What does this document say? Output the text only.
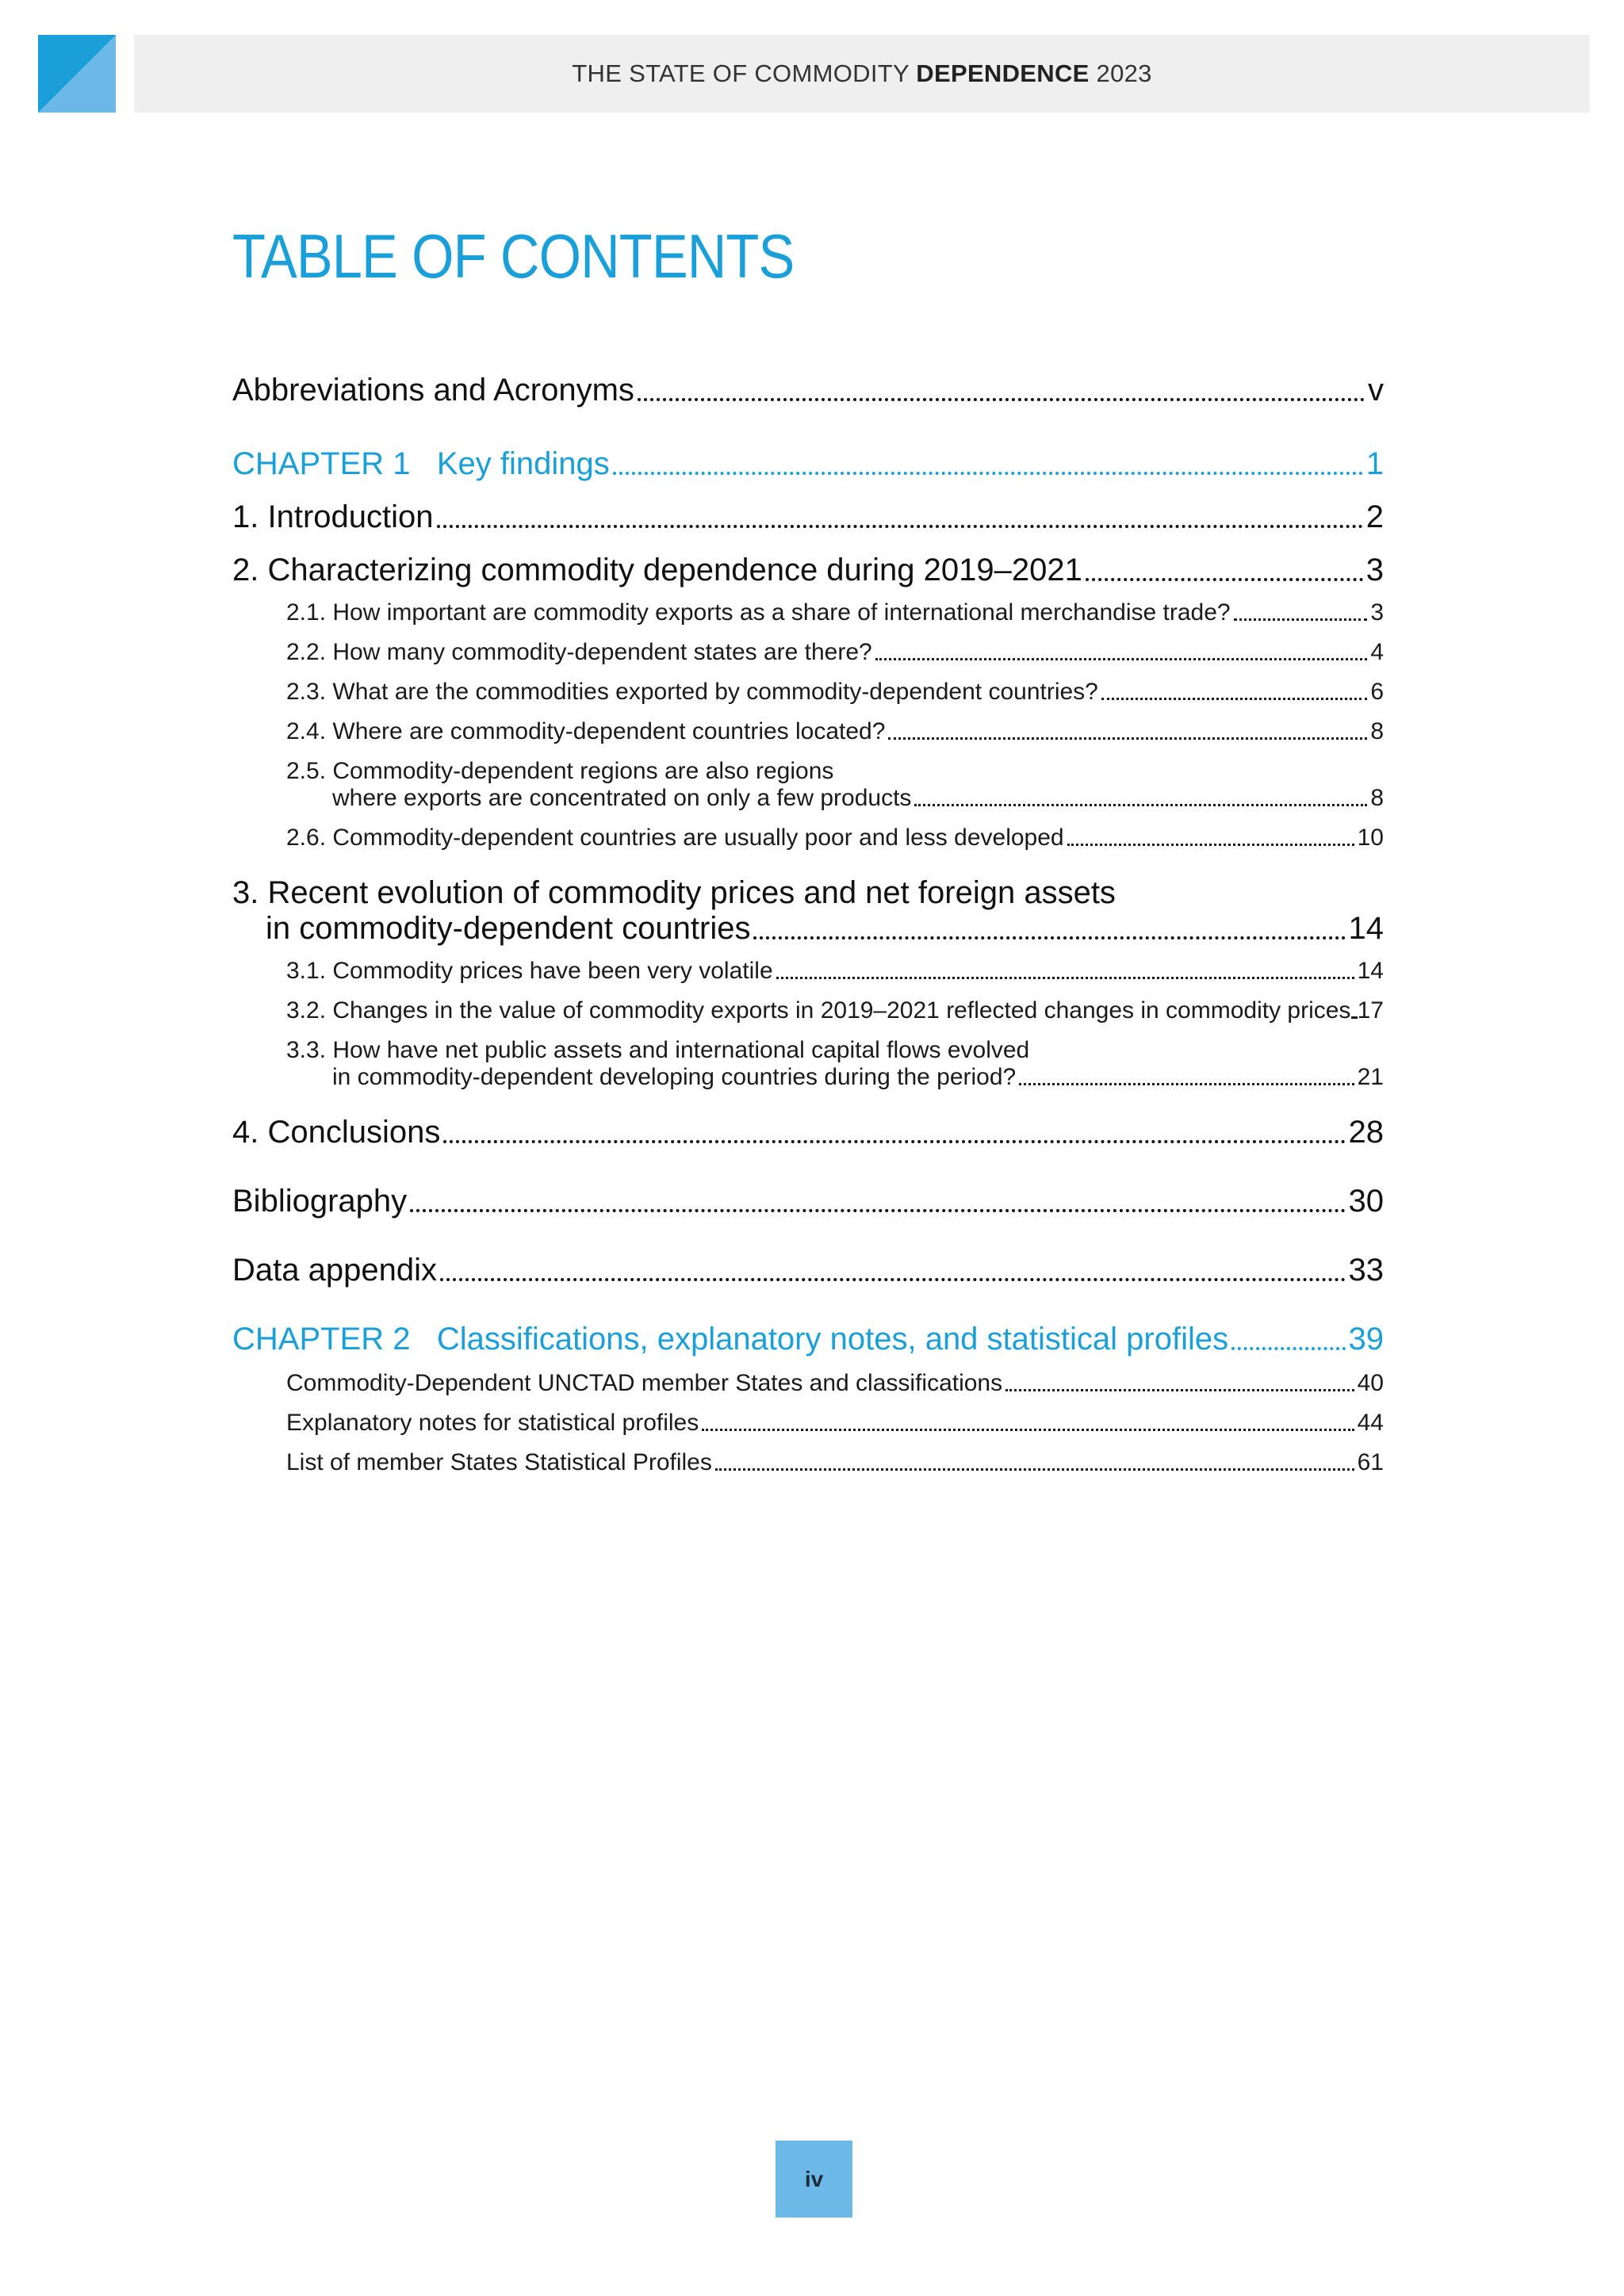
THE STATE OF COMMODITY DEPENDENCE 2023
TABLE OF CONTENTS
Abbreviations and Acronyms	v
CHAPTER 1   Key findings	1
1. Introduction	2
2. Characterizing commodity dependence during 2019–2021	3
2.1. How important are commodity exports as a share of international merchandise trade?	3
2.2. How many commodity-dependent states are there?	4
2.3. What are the commodities exported by commodity-dependent countries?	6
2.4. Where are commodity-dependent countries located?	8
2.5. Commodity-dependent regions are also regions
where exports are concentrated on only a few products	8
2.6. Commodity-dependent countries are usually poor and less developed	10
3. Recent evolution of commodity prices and net foreign assets
in commodity-dependent countries	14
3.1. Commodity prices have been very volatile	14
3.2. Changes in the value of commodity exports in 2019–2021 reflected changes in commodity prices 17
3.3. How have net public assets and international capital flows evolved
in commodity-dependent developing countries during the period?	21
4. Conclusions	28
Bibliography	30
Data appendix	33
CHAPTER 2   Classifications, explanatory notes, and statistical profiles	39
Commodity-Dependent UNCTAD member States and classifications	40
Explanatory notes for statistical profiles	44
List of member States Statistical Profiles	61
iv
